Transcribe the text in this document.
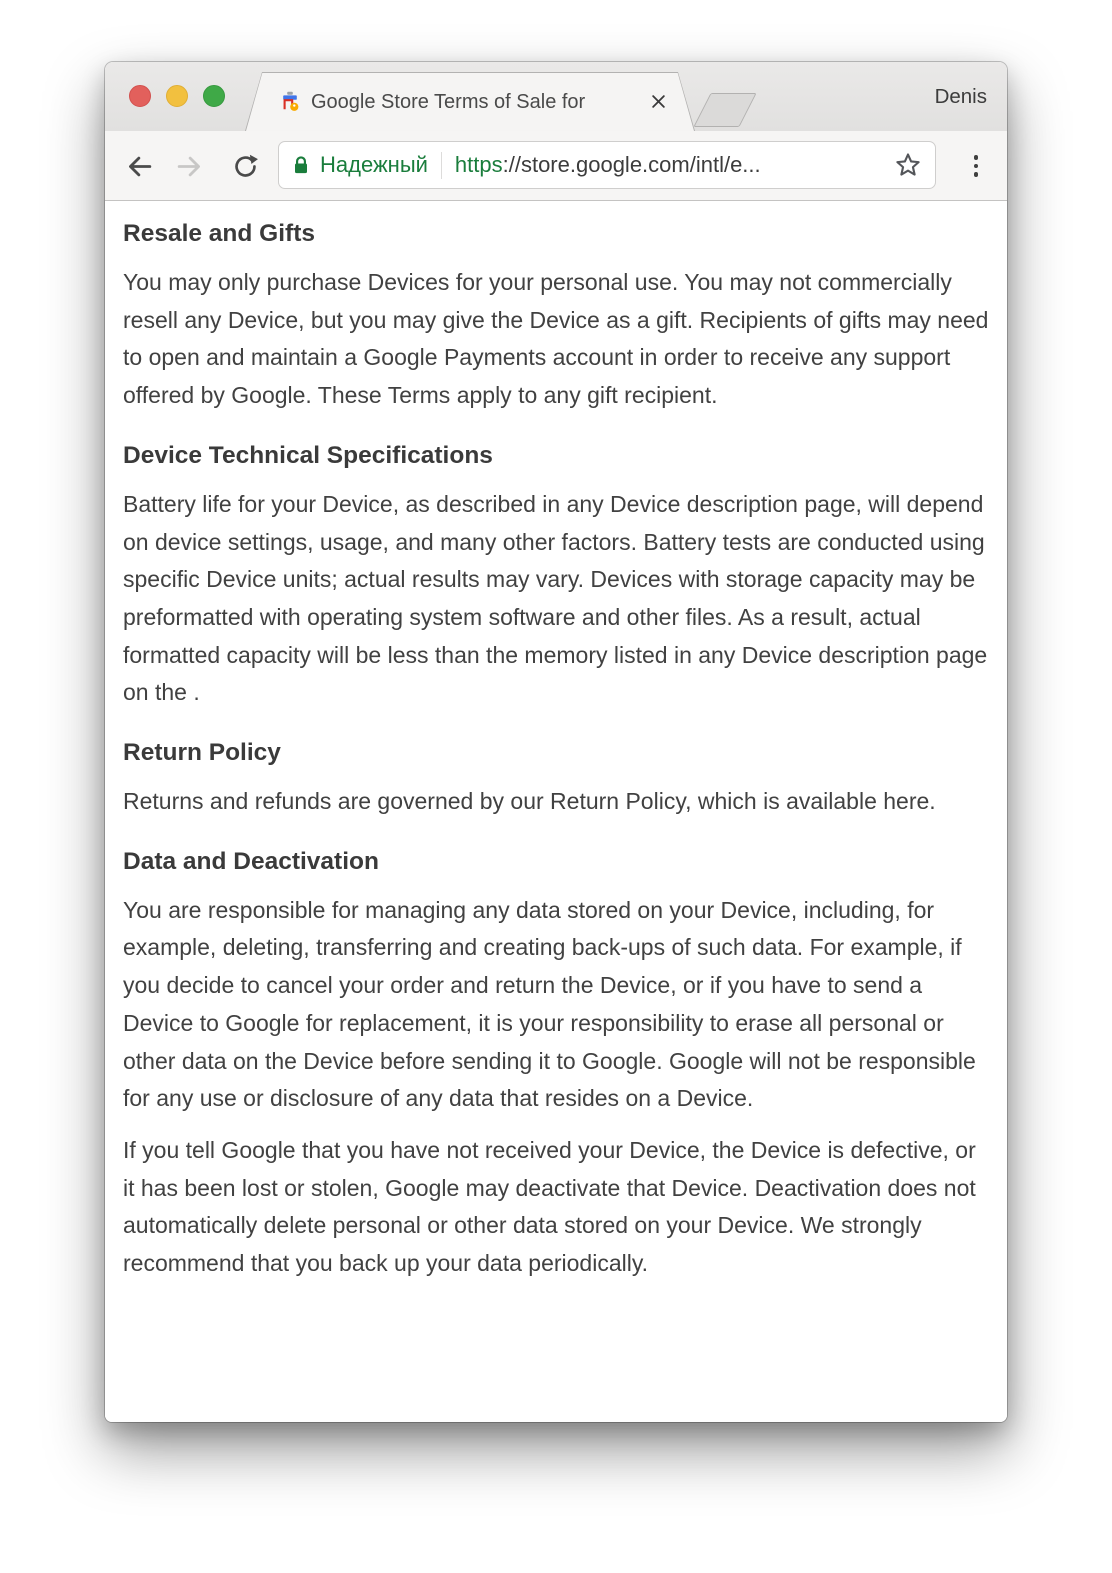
Google Store Terms of Sale for	Denis
Надежный https://store.google.com/intl/e...
Resale and Gifts

You may only purchase Devices for your personal use. You may not commercially resell any Device, but you may give the Device as a gift. Recipients of gifts may need to open and maintain a Google Payments account in order to receive any support offered by Google. These Terms apply to any gift recipient.

Device Technical Specifications

Battery life for your Device, as described in any Device description page, will depend on device settings, usage, and many other factors. Battery tests are conducted using specific Device units; actual results may vary. Devices with storage capacity may be preformatted with operating system software and other files. As a result, actual formatted capacity will be less than the memory listed in any Device description page on the .

Return Policy

Returns and refunds are governed by our Return Policy, which is available here.

Data and Deactivation

You are responsible for managing any data stored on your Device, including, for example, deleting, transferring and creating back-ups of such data. For example, if you decide to cancel your order and return the Device, or if you have to send a Device to Google for replacement, it is your responsibility to erase all personal or other data on the Device before sending it to Google. Google will not be responsible for any use or disclosure of any data that resides on a Device.

If you tell Google that you have not received your Device, the Device is defective, or it has been lost or stolen, Google may deactivate that Device. Deactivation does not automatically delete personal or other data stored on your Device. We strongly recommend that you back up your data periodically.
